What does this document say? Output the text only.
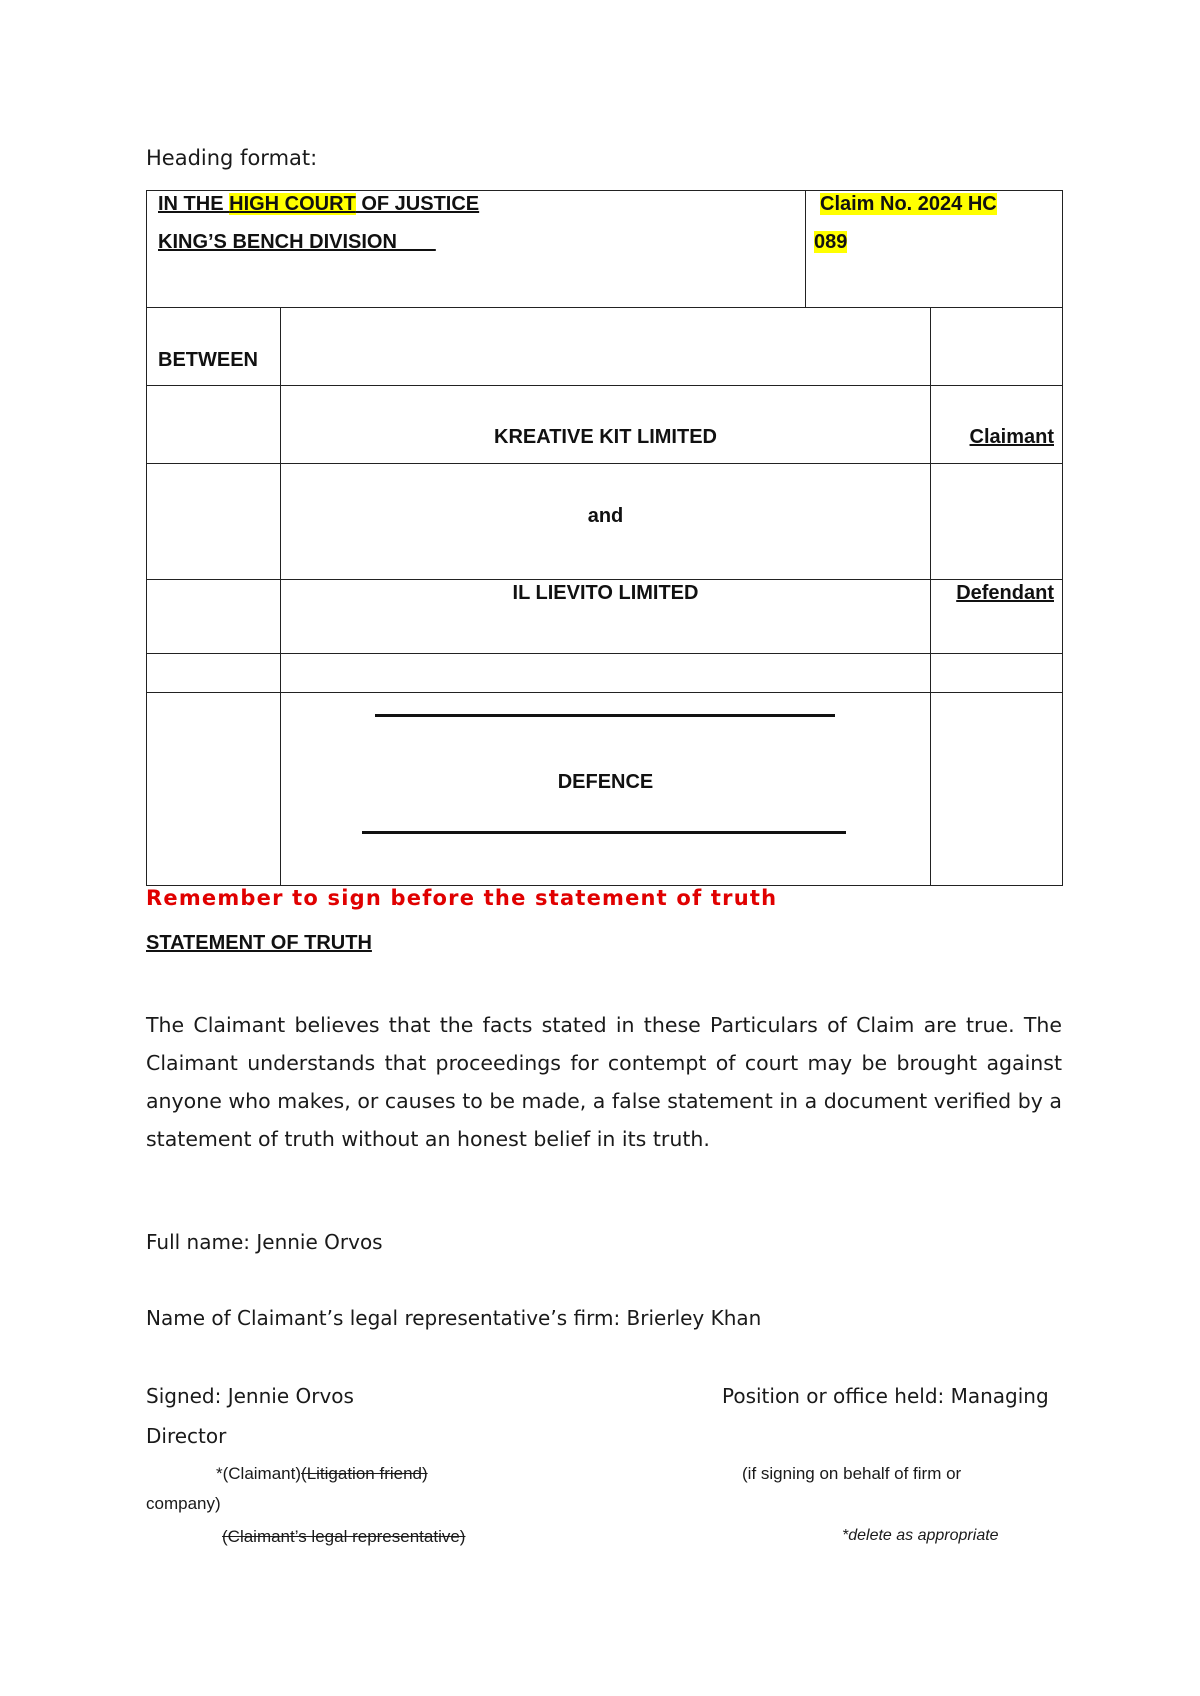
Heading format:
IN THE HIGH COURT OF JUSTICE
KING’S BENCH DIVISION
Claim No. 2024 HC
089
BETWEEN
KREATIVE KIT LIMITED	Claimant
and
IL LIEVITO LIMITED	Defendant
DEFENCE
Remember to sign before the statement of truth
STATEMENT OF TRUTH
The Claimant believes that the facts stated in these Particulars of Claim are true. The Claimant understands that proceedings for contempt of court may be brought against anyone who makes, or causes to be made, a false statement in a document verified by a statement of truth without an honest belief in its truth.
Full name: Jennie Orvos
Name of Claimant’s legal representative’s firm: Brierley Khan
Signed: Jennie Orvos	Position or office held: Managing
Director
*(Claimant)(Litigation friend)	(if signing on behalf of firm or
company)
(Claimant’s legal representative)	*delete as appropriate
